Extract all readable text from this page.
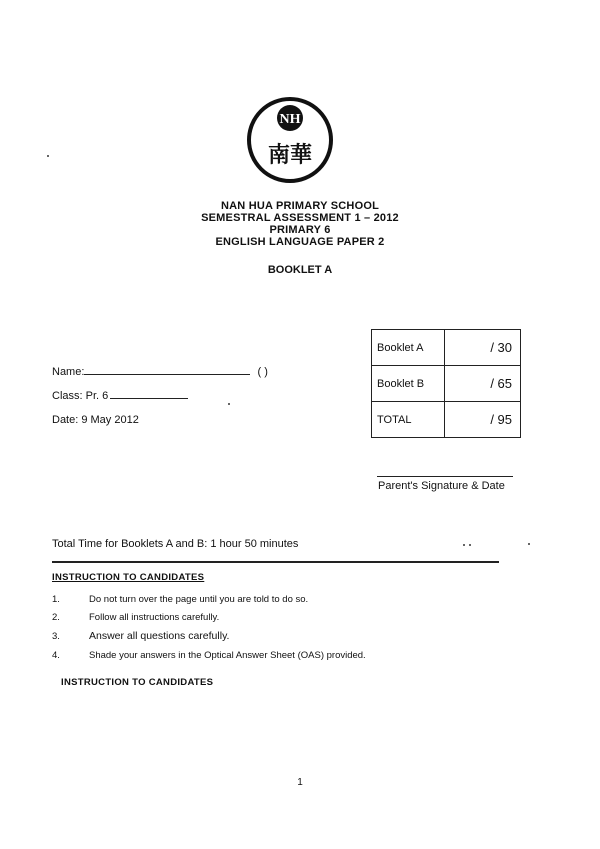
NH
南華
NAN HUA PRIMARY SCHOOL
SEMESTRAL ASSESSMENT 1 – 2012
PRIMARY 6
ENGLISH LANGUAGE PAPER 2
BOOKLET A
Name:	( )
Class: Pr. 6
Date: 9 May 2012
Booklet A	/ 30
Booklet B	/ 65
TOTAL	/ 95
Parent's Signature & Date
Total Time for Booklets A and B: 1 hour 50 minutes
INSTRUCTION TO CANDIDATES
1.	Do not turn over the page until you are told to do so.
2.	Follow all instructions carefully.
3.	Answer all questions carefully.
4.	Shade your answers in the Optical Answer Sheet (OAS) provided.
INSTRUCTION TO CANDIDATES
1
